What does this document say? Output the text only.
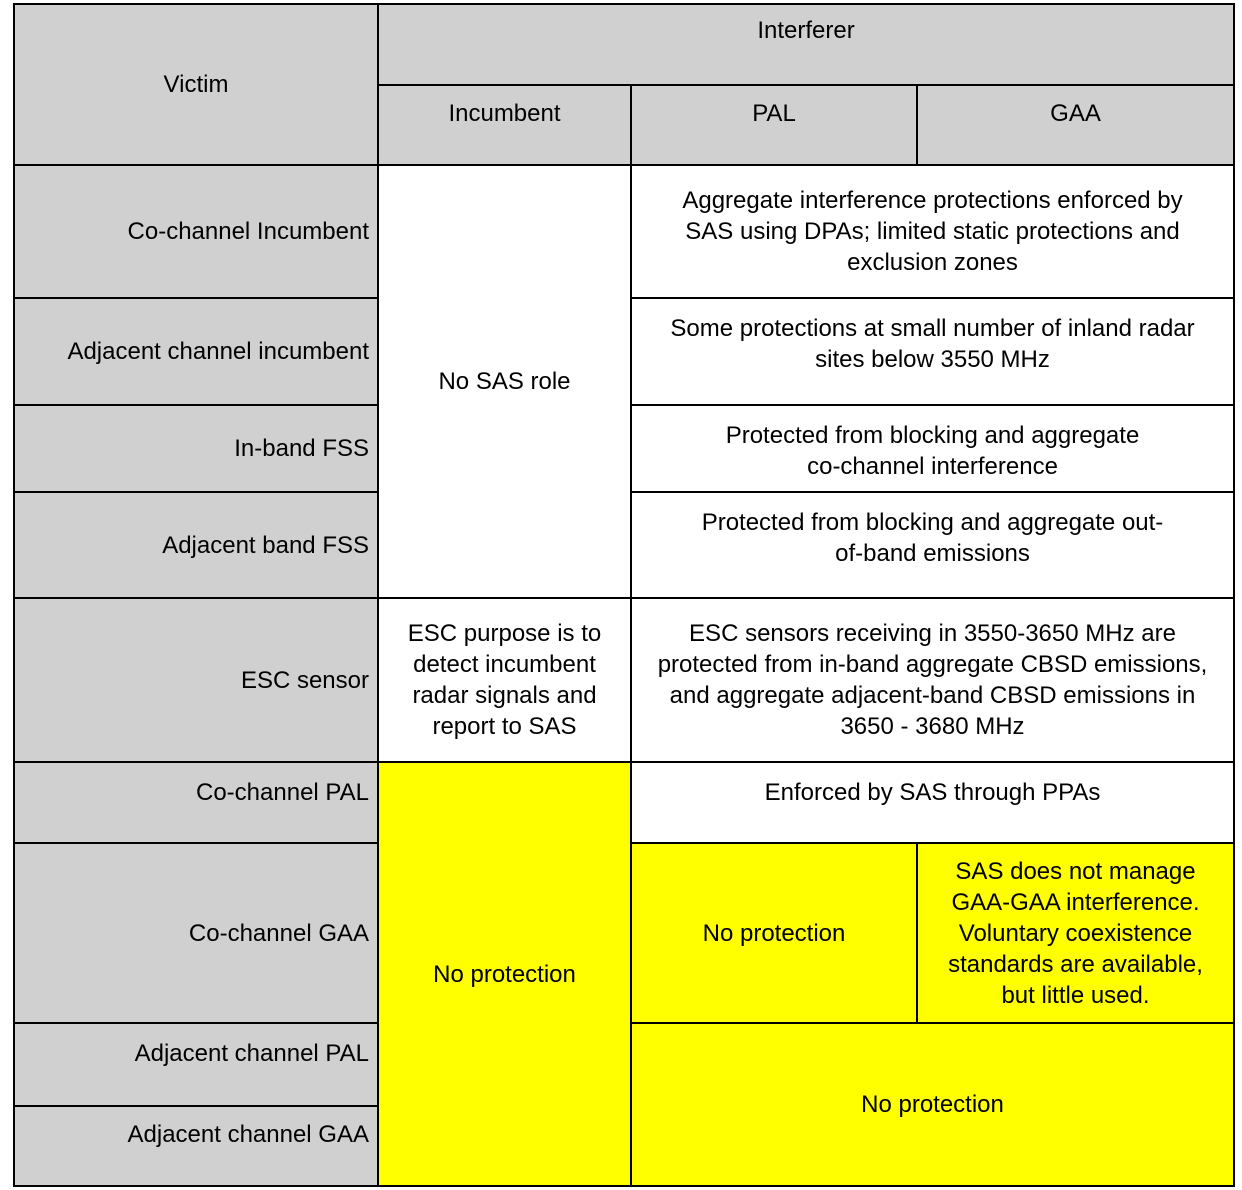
Victim	Interferer		
	Incumbent	PAL	GAA
Co-channel Incumbent	No SAS role	Aggregate interference protections enforced by SAS using DPAs; limited static protections and exclusion zones	
Adjacent channel incumbent		Some protections at small number of inland radar sites below 3550 MHz	
In-band FSS		Protected from blocking and aggregate co-channel interference	
Adjacent band FSS		Protected from blocking and aggregate out-of-band emissions	
ESC sensor	ESC purpose is to detect incumbent radar signals and report to SAS	ESC sensors receiving in 3550-3650 MHz are protected from in-band aggregate CBSD emissions, and aggregate adjacent-band CBSD emissions in 3650 - 3680 MHz	
Co-channel PAL	No protection	Enforced by SAS through PPAs	
Co-channel GAA		No protection	SAS does not manage GAA-GAA interference. Voluntary coexistence standards are available, but little used.
Adjacent channel PAL		No protection	
Adjacent channel GAA			
